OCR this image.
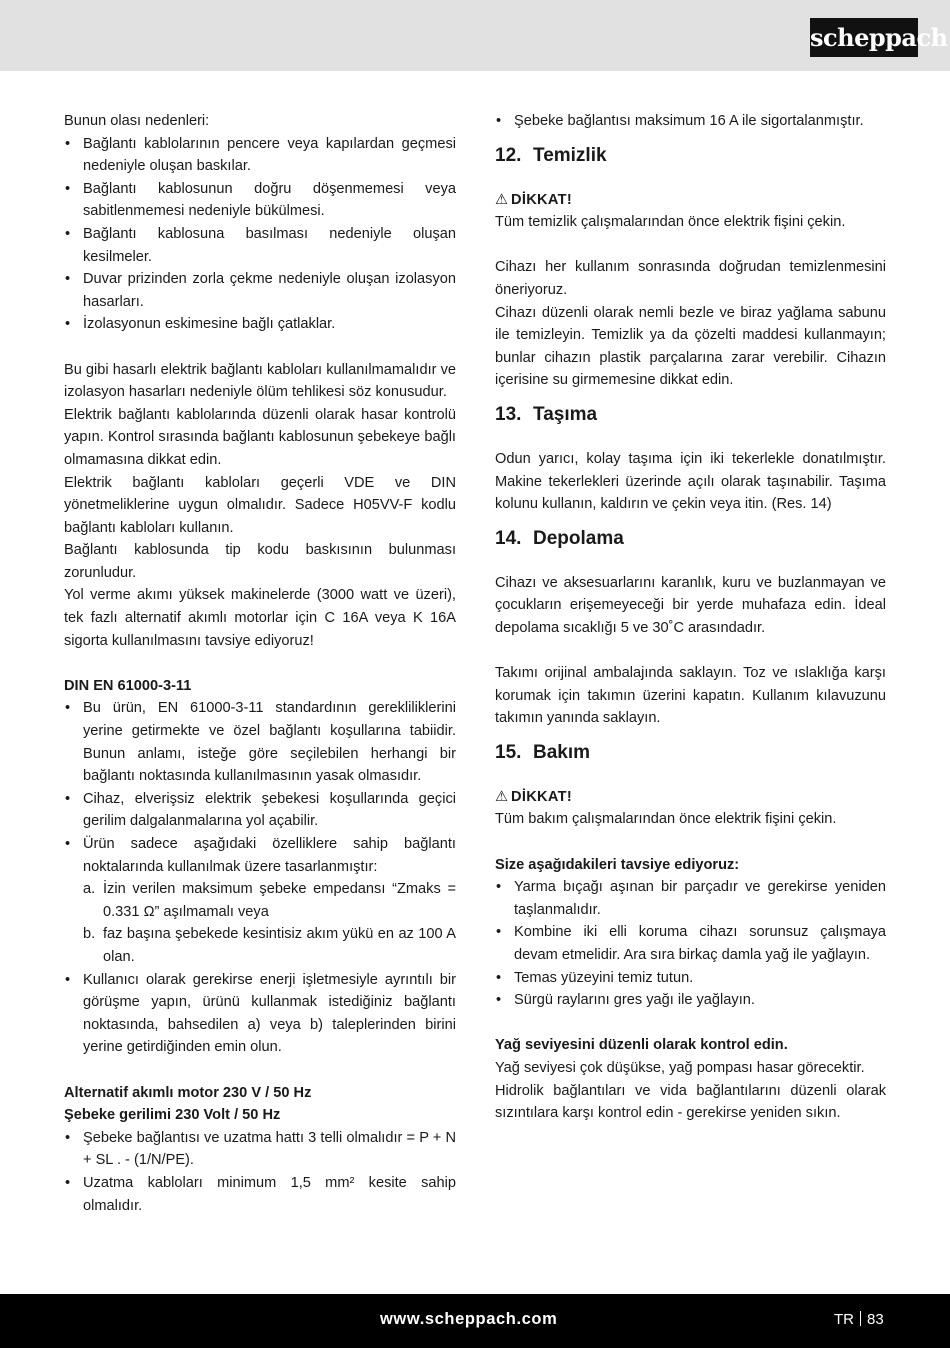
scheppach

Bunun olası nedenleri:

• Bağlantı kablolarının pencere veya kapılardan geçmesi nedeniyle oluşan baskılar.
• Bağlantı kablosunun doğru döşenmemesi veya sabitlenmemesi nedeniyle bükülmesi.
• Bağlantı kablosuna basılması nedeniyle oluşan kesilmeler.
• Duvar prizinden zorla çekme nedeniyle oluşan izolasyon hasarları.
• İzolasyonun eskimesine bağlı çatlaklar.

Bu gibi hasarlı elektrik bağlantı kabloları kullanılmamalıdır ve izolasyon hasarları nedeniyle ölüm tehlikesi söz konusudur.

Elektrik bağlantı kablolarında düzenli olarak hasar kontrolü yapın. Kontrol sırasında bağlantı kablosunun şebekeye bağlı olmamasına dikkat edin.

Elektrik bağlantı kabloları geçerli VDE ve DIN yönetmeliklerine uygun olmalıdır. Sadece H05VV-F kodlu bağlantı kabloları kullanın.

Bağlantı kablosunda tip kodu baskısının bulunması zorunludur.

Yol verme akımı yüksek makinelerde (3000 watt ve üzeri), tek fazlı alternatif akımlı motorlar için C 16A veya K 16A sigorta kullanılmasını tavsiye ediyoruz!

DIN EN 61000-3-11

• Bu ürün, EN 61000-3-11 standardının gerekliliklerini yerine getirmekte ve özel bağlantı koşullarına tabiidir. Bunun anlamı, isteğe göre seçilebilen herhangi bir bağlantı noktasında kullanılmasının yasak olmasıdır.
• Cihaz, elverişsiz elektrik şebekesi koşullarında geçici gerilim dalgalanmalarına yol açabilir.
• Ürün sadece aşağıdaki özelliklere sahip bağlantı noktalarında kullanılmak üzere tasarlanmıştır:
a. İzin verilen maksimum şebeke empedansı “Zmaks = 0.331 Ω” aşılmamalı veya
b. faz başına şebekede kesintisiz akım yükü en az 100 A olan.
• Kullanıcı olarak gerekirse enerji işletmesiyle ayrıntılı bir görüşme yapın, ürünü kullanmak istediğiniz bağlantı noktasında, bahsedilen a) veya b) taleplerinden birini yerine getirdiğinden emin olun.

Alternatif akımlı motor 230 V / 50 Hz

Şebeke gerilimi 230 Volt / 50 Hz

• Şebeke bağlantısı ve uzatma hattı 3 telli olmalıdır = P + N + SL . - (1/N/PE).
• Uzatma kabloları minimum 1,5 mm² kesite sahip olmalıdır.
• Şebeke bağlantısı maksimum 16 A ile sigortalanmıştır.
12. Temizlik

⚠ DİKKAT!

Tüm temizlik çalışmalarından önce elektrik fişini çekin.

Cihazı her kullanım sonrasında doğrudan temizlenmesini öneriyoruz.

Cihazı düzenli olarak nemli bezle ve biraz yağlama sabunu ile temizleyin. Temizlik ya da çözelti maddesi kullanmayın; bunlar cihazın plastik parçalarına zarar verebilir. Cihazın içerisine su girmemesine dikkat edin.

13. Taşıma

Odun yarıcı, kolay taşıma için iki tekerlekle donatılmıştır. Makine tekerlekleri üzerinde açılı olarak taşınabilir. Taşıma kolunu kullanın, kaldırın ve çekin veya itin. (Res. 14)

14. Depolama

Cihazı ve aksesuarlarını karanlık, kuru ve buzlanmayan ve çocukların erişemeyeceği bir yerde muhafaza edin. İdeal depolama sıcaklığı 5 ve 30˚C arasındadır.

Takımı orijinal ambalajında saklayın. Toz ve ıslaklığa karşı korumak için takımın üzerini kapatın. Kullanım kılavuzunu takımın yanında saklayın.

15. Bakım

⚠ DİKKAT!

Tüm bakım çalışmalarından önce elektrik fişini çekin.

Size aşağıdakileri tavsiye ediyoruz:

• Yarma bıçağı aşınan bir parçadır ve gerekirse yeniden taşlanmalıdır.
• Kombine iki elli koruma cihazı sorunsuz çalışmaya devam etmelidir. Ara sıra birkaç damla yağ ile yağlayın.
• Temas yüzeyini temiz tutun.
• Sürgü raylarını gres yağı ile yağlayın.

Yağ seviyesini düzenli olarak kontrol edin.

Yağ seviyesi çok düşükse, yağ pompası hasar görecektir.

Hidrolik bağlantıları ve vida bağlantılarını düzenli olarak sızıntılara karşı kontrol edin - gerekirse yeniden sıkın.

www.scheppach.com	TR 83
